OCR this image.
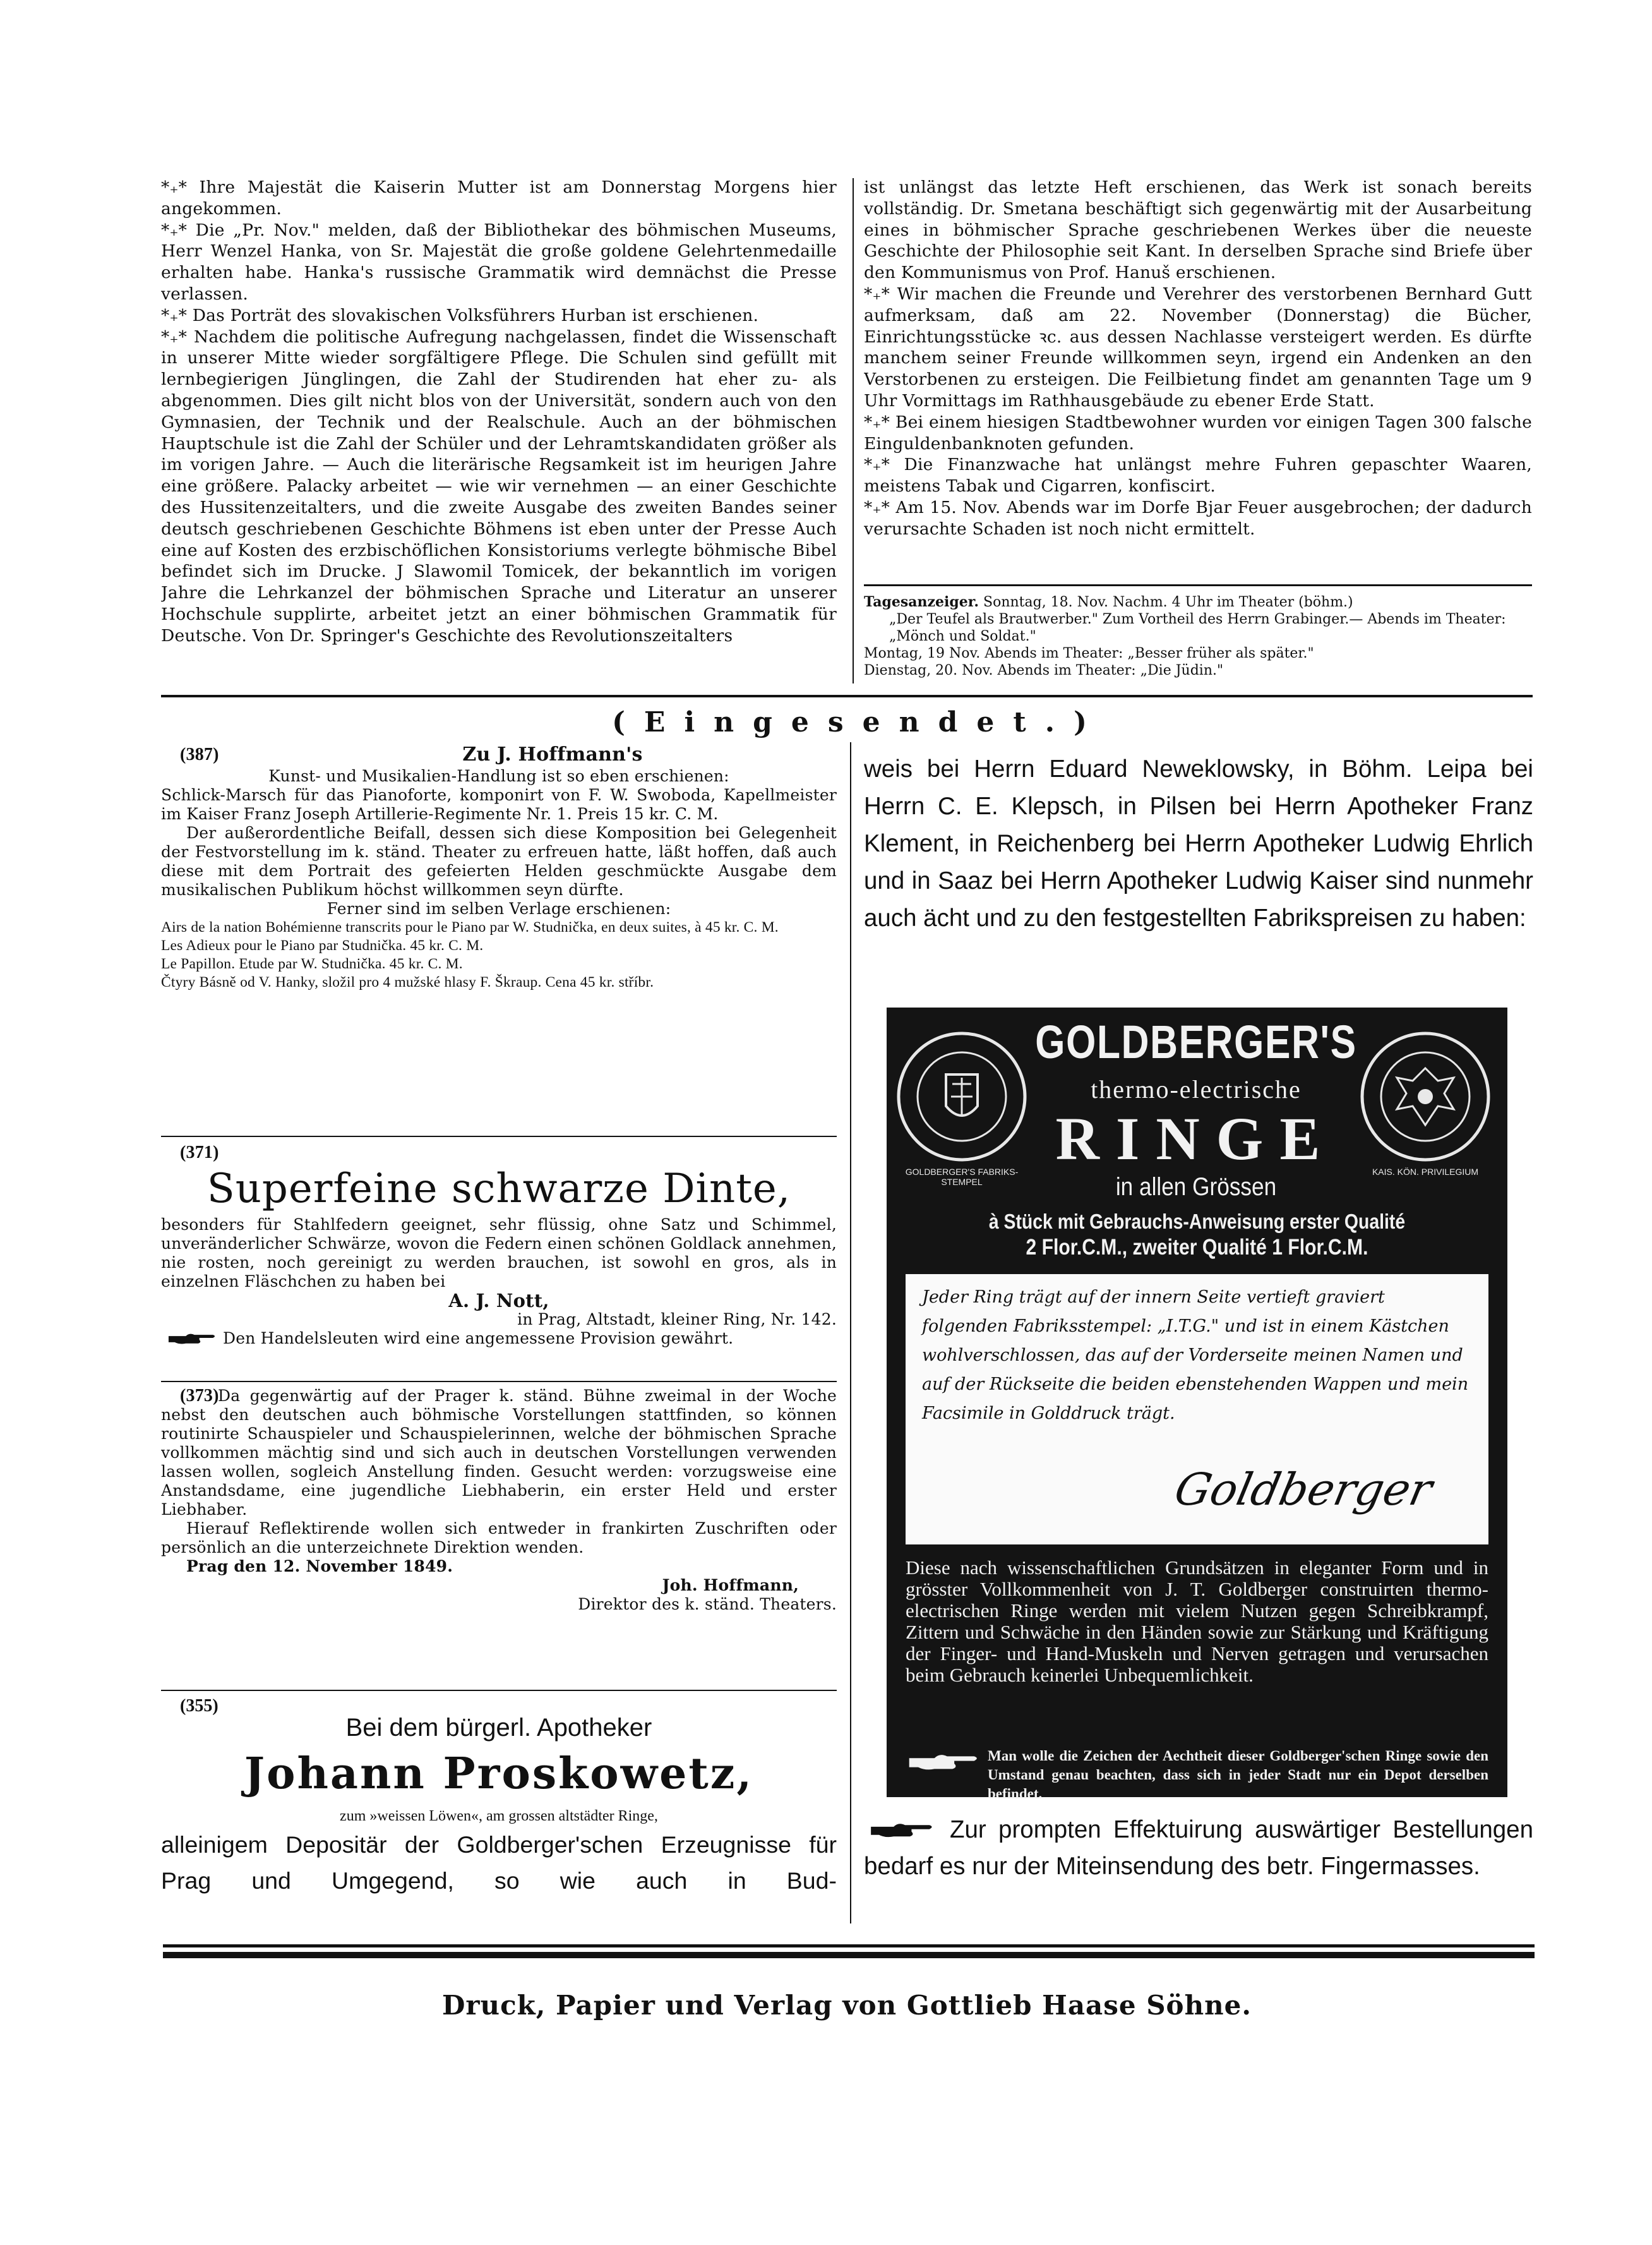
*₊* Ihre Majestät die Kaiserin Mutter ist am Donnerstag Morgens hier angekommen.

*₊* Die „Pr. Nov." melden, daß der Bibliothekar des böhmischen Museums, Herr Wenzel Hanka, von Sr. Majestät die große goldene Gelehrtenmedaille erhalten habe. Hanka's russische Grammatik wird demnächst die Presse verlassen.

*₊* Das Porträt des slovakischen Volksführers Hurban ist erschienen.

*₊* Nachdem die politische Aufregung nachgelassen, findet die Wissenschaft in unserer Mitte wieder sorgfältigere Pflege. Die Schulen sind gefüllt mit lernbegierigen Jünglingen, die Zahl der Studirenden hat eher zu- als abgenommen. Dies gilt nicht blos von der Universität, sondern auch von den Gymnasien, der Technik und der Realschule. Auch an der böhmischen Hauptschule ist die Zahl der Schüler und der Lehramtskandidaten größer als im vorigen Jahre. — Auch die literärische Regsamkeit ist im heurigen Jahre eine größere. Palacky arbeitet — wie wir vernehmen — an einer Geschichte des Hussitenzeitalters, und die zweite Ausgabe des zweiten Bandes seiner deutsch geschriebenen Geschichte Böhmens ist eben unter der Presse Auch eine auf Kosten des erzbischöflichen Konsistoriums verlegte böhmische Bibel befindet sich im Drucke. J Slawomil Tomicek, der bekanntlich im vorigen Jahre die Lehrkanzel der böhmischen Sprache und Literatur an unserer Hochschule supplirte, arbeitet jetzt an einer böhmischen Grammatik für Deutsche. Von Dr. Springer's Geschichte des Revolutionszeitalters

ist unlängst das letzte Heft erschienen, das Werk ist sonach bereits vollständig. Dr. Smetana beschäftigt sich gegenwärtig mit der Ausarbeitung eines in böhmischer Sprache geschriebenen Werkes über die neueste Geschichte der Philosophie seit Kant. In derselben Sprache sind Briefe über den Kommunismus von Prof. Hanuš erschienen.

*₊* Wir machen die Freunde und Verehrer des verstorbenen Bernhard Gutt aufmerksam, daß am 22. November (Donnerstag) die Bücher, Einrichtungsstücke ꝛc. aus dessen Nachlasse versteigert werden. Es dürfte manchem seiner Freunde willkommen seyn, irgend ein Andenken an den Verstorbenen zu ersteigen. Die Feilbietung findet am genannten Tage um 9 Uhr Vormittags im Rathhausgebäude zu ebener Erde Statt.

*₊* Bei einem hiesigen Stadtbewohner wurden vor einigen Tagen 300 falsche Einguldenbanknoten gefunden.

*₊* Die Finanzwache hat unlängst mehre Fuhren gepaschter Waaren, meistens Tabak und Cigarren, konfiscirt.

*₊* Am 15. Nov. Abends war im Dorfe Bjar Feuer ausgebrochen; der dadurch verursachte Schaden ist noch nicht ermittelt.

Tagesanzeiger. Sonntag, 18. Nov. Nachm. 4 Uhr im Theater (böhm.)
„Der Teufel als Brautwerber." Zum Vortheil des Herrn Grabinger.— Abends im Theater: „Mönch und Soldat."
Montag, 19 Nov. Abends im Theater: „Besser früher als später."
Dienstag, 20. Nov. Abends im Theater: „Die Jüdin."
(Eingesendet.)
(387)	Zu J. Hoffmann's

Kunst- und Musikalien-Handlung ist so eben erschienen:

Schlick-Marsch für das Pianoforte, komponirt von F. W. Swoboda, Kapellmeister im Kaiser Franz Joseph Artillerie-Regimente Nr. 1. Preis 15 kr. C. M.

Der außerordentliche Beifall, dessen sich diese Komposition bei Gelegenheit der Festvorstellung im k. ständ. Theater zu erfreuen hatte, läßt hoffen, daß auch diese mit dem Portrait des gefeierten Helden geschmückte Ausgabe dem musikalischen Publikum höchst willkommen seyn dürfte.

Ferner sind im selben Verlage erschienen:

Airs de la nation Bohémienne transcrits pour le Piano par W. Studnička, en deux suites, à 45 kr. C. M.
Les Adieux pour le Piano par Studnička. 45 kr. C. M.
Le Papillon. Etude par W. Studnička. 45 kr. C. M.
Čtyry Básně od V. Hanky, složil pro 4 mužské hlasy F. Škraup. Cena 45 kr. stříbr.
(371)
Superfeine schwarze Dinte,

besonders für Stahlfedern geeignet, sehr flüssig, ohne Satz und Schimmel, unveränderlicher Schwärze, wovon die Federn einen schönen Goldlack annehmen, nie rosten, noch gereinigt zu werden brauchen, ist sowohl en gros, als in einzelnen Fläschchen zu haben bei

A. J. Nott,

in Prag, Altstadt, kleiner Ring, Nr. 142.

Den Handelsleuten wird eine angemessene Provision gewährt.
(373)

Da gegenwärtig auf der Prager k. ständ. Bühne zweimal in der Woche nebst den deutschen auch böhmische Vorstellungen stattfinden, so können routinirte Schauspieler und Schauspielerinnen, welche der böhmischen Sprache vollkommen mächtig sind und sich auch in deutschen Vorstellungen verwenden lassen wollen, sogleich Anstellung finden. Gesucht werden: vorzugsweise eine Anstandsdame, eine jugendliche Liebhaberin, ein erster Held und erster Liebhaber.

Hierauf Reflektirende wollen sich entweder in frankirten Zuschriften oder persönlich an die unterzeichnete Direktion wenden.

Prag den 12. November 1849.

Joh. Hoffmann,

Direktor des k. ständ. Theaters.

(355)
Bei dem bürgerl. Apotheker
Johann Proskowetz,
zum »weissen Löwen«, am grossen altstädter Ringe,
alleinigem Depositär der Goldberger'schen Erzeugnisse für Prag und Umgegend, so wie auch in Bud-

weis bei Herrn Eduard Neweklowsky, in Böhm. Leipa bei Herrn C. E. Klepsch, in Pilsen bei Herrn Apotheker Franz Klement, in Reichenberg bei Herrn Apotheker Ludwig Ehrlich und in Saaz bei Herrn Apotheker Ludwig Kaiser sind nunmehr auch ächt und zu den festgestellten Fabrikspreisen zu haben:

GOLDBERGER'S FABRIKS-STEMPEL
KAIS. KÖN. PRIVILEGIUM
GOLDBERGER'S
thermo-electrische
RINGE
in allen Grössen
à Stück mit Gebrauchs-Anweisung erster Qualité
2 Flor.C.M., zweiter Qualité 1 Flor.C.M.
Jeder Ring trägt auf der innern Seite vertieft graviert folgenden Fabriksstempel: „I.T.G." und ist in einem Kästchen wohlverschlossen, das auf der Vorderseite meinen Namen und auf der Rückseite die beiden ebenstehenden Wappen und mein Facsimile in Golddruck trägt.
Goldberger
Diese nach wissenschaftlichen Grundsätzen in eleganter Form und in grösster Vollkommenheit von J. T. Goldberger construirten thermo-electrischen Ringe werden mit vielem Nutzen gegen Schreibkrampf, Zittern und Schwäche in den Händen sowie zur Stärkung und Kräftigung der Finger- und Hand-Muskeln und Nerven getragen und verursachen beim Gebrauch keinerlei Unbequemlichkeit.
Man wolle die Zeichen der Aechtheit dieser Goldberger'schen Ringe sowie den Umstand genau beachten, dass sich in jeder Stadt nur ein Depot derselben befindet.
Zur prompten Effektuirung auswärtiger Bestellungen bedarf es nur der Miteinsendung des betr. Fingermasses.
Druck, Papier und Verlag von Gottlieb Haase Söhne.
